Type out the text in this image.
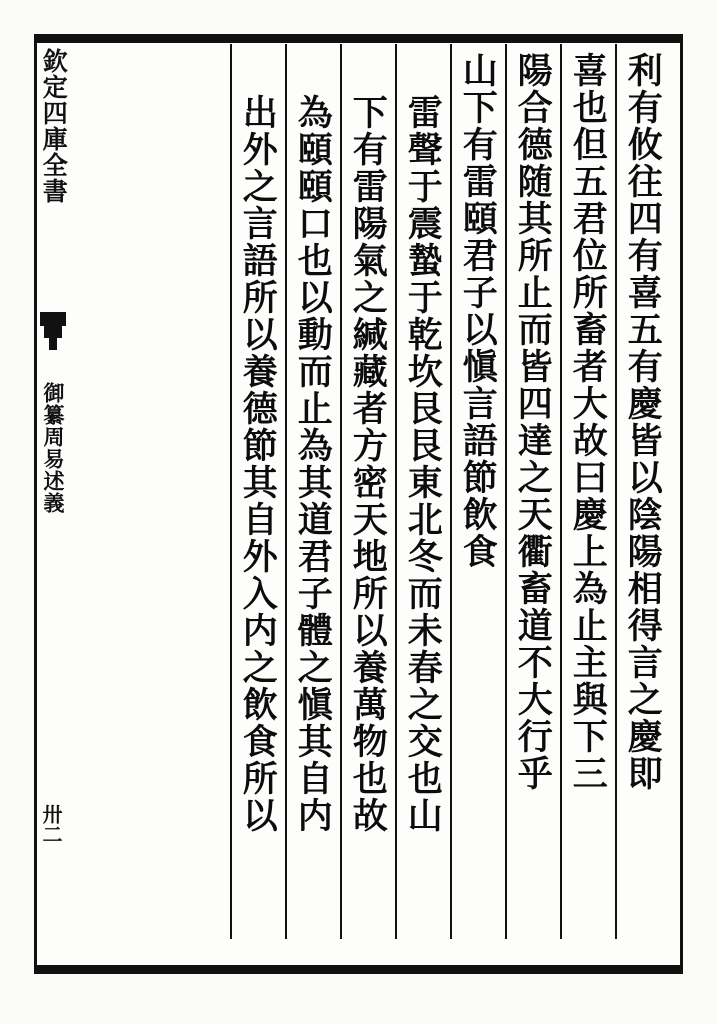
欽定四庫全書
御纂周易述義
卅二
利有攸往四有喜五有慶皆以陰陽相得言之慶即
喜也但五君位所畜者大故曰慶上為止主與下三
陽合德随其所止而皆四達之天衢畜道不大行乎
山下有雷頤君子以愼言語節飲食
雷聲于震蟄于乾坎艮艮東北冬而未春之交也山
下有雷陽氣之緘藏者方密天地所以養萬物也故
為頤頤口也以動而止為其道君子體之愼其自内
出外之言語所以養德節其自外入内之飲食所以
